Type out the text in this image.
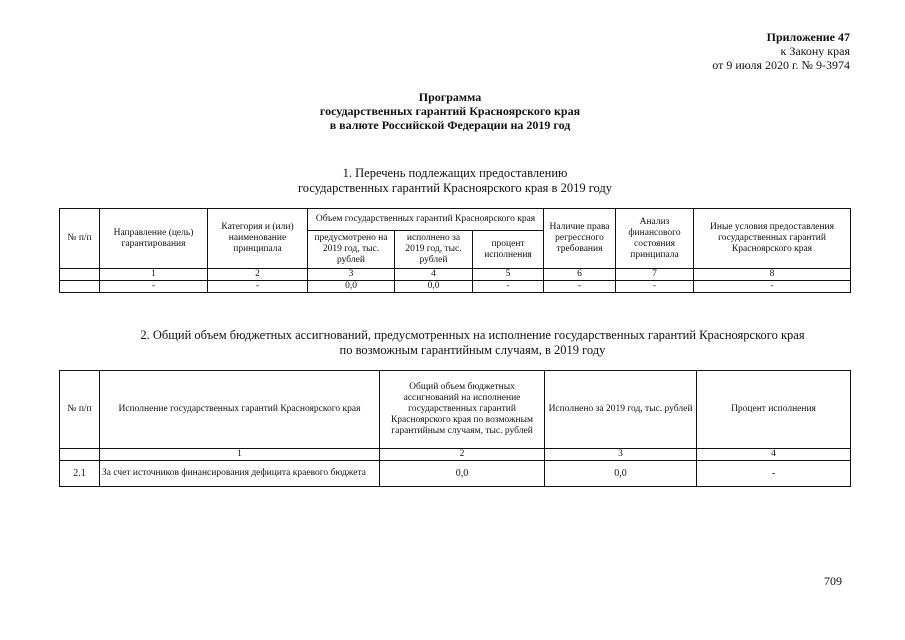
Приложение 47
к Закону края
от 9 июля 2020 г. № 9-3974
Программа
государственных гарантий Красноярского края
в валюте Российской Федерации на 2019 год
1. Перечень подлежащих предоставлению
государственных гарантий Красноярского края в 2019 году
№ п/п	Направление (цель) гарантирования	Категория и (или) наименование принципала	Объем государственных гарантий Красноярского края			Наличие права регрессного требования	Анализ финансового состояния принципала	Иные условия предоставления государственных гарантий Красноярского края
			предусмотрено на 2019 год, тыс. рублей	исполнено за 2019 год, тыс. рублей	процент исполнения			
	1	2	3	4	5	6	7	8
	-	-	0,0	0,0	-	-	-	-
2. Общий объем бюджетных ассигнований, предусмотренных на исполнение государственных гарантий Красноярского края
по возможным гарантийным случаям, в 2019 году
№ п/п	Исполнение государственных гарантий Красноярского края	Общий объем бюджетных ассигнований на исполнение государственных гарантий Красноярского края по возможным гарантийным случаям, тыс. рублей	Исполнено за 2019 год, тыс. рублей	Процент исполнения
	1	2	3	4
2.1	За счет источников финансирования дефицита краевого бюджета	0,0	0,0	-
709
